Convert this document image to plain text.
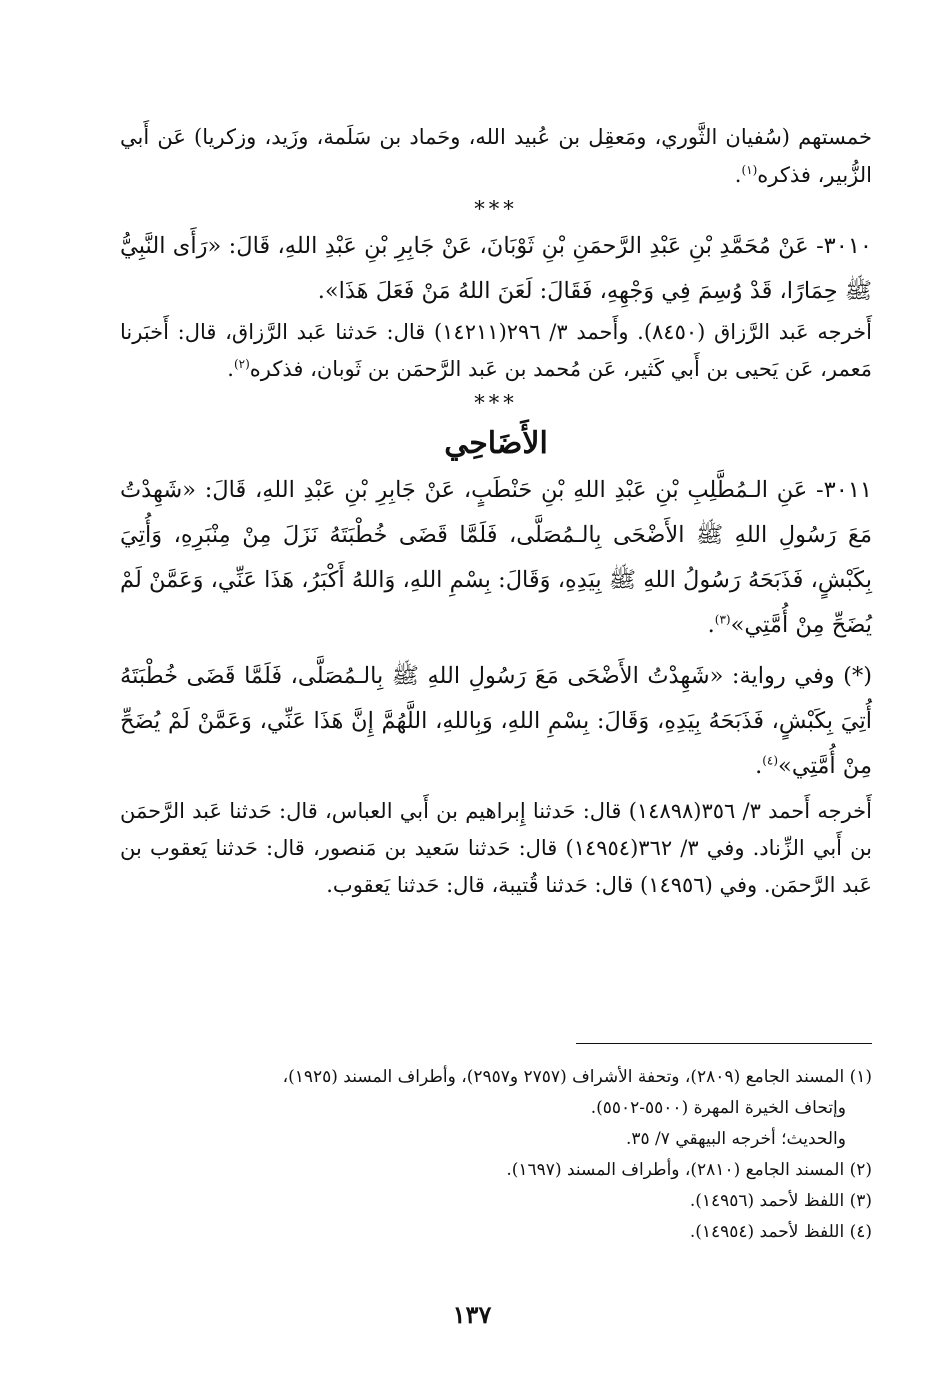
خمستهم (سُفيان الثَّوري، ومَعقِل بن عُبيد الله، وحَماد بن سَلَمة، وزَيد، وزكريا) عَن أَبي الزُّبير، فذكره$^{(١)}$.

***

٣٠١٠- عَنْ مُحَمَّدِ بْنِ عَبْدِ الرَّحمَنِ بْنِ ثَوْبَانَ، عَنْ جَابِرِ بْنِ عَبْدِ اللهِ، قَالَ: «رَأَى النَّبِيُّ ﷺ حِمَارًا، قَدْ وُسِمَ فِي وَجْهِهِ، فَقَالَ: لَعَنَ اللهُ مَنْ فَعَلَ هَذَا».

أَخرجه عَبد الرَّزاق (٨٤٥٠). وأَحمد ٣/ ٢٩٦(١٤٢١١) قال: حَدثنا عَبد الرَّزاق، قال: أَخبَرنا مَعمر، عَن يَحيى بن أَبي كَثير، عَن مُحمد بن عَبد الرَّحمَن بن ثَوبان، فذكره$^{(٢)}$.

***

الأَضَاحِي

٣٠١١- عَنِ الـمُطَّلِبِ بْنِ عَبْدِ اللهِ بْنِ حَنْطَبٍ، عَنْ جَابِرِ بْنِ عَبْدِ اللهِ، قَالَ: «شَهِدْتُ مَعَ رَسُولِ اللهِ ﷺ الأَضْحَى بِالـمُصَلَّى، فَلَمَّا قَضَى خُطْبَتَهُ نَزَلَ مِنْ مِنْبَرِهِ، وَأُتِيَ بِكَبْشٍ، فَذَبَحَهُ رَسُولُ اللهِ ﷺ بِيَدِهِ، وَقَالَ: بِسْمِ اللهِ، وَاللهُ أَكْبَرُ، هَذَا عَنِّي، وَعَمَّنْ لَمْ يُضَحِّ مِنْ أُمَّتِي»$^{(٣)}$.

(*) وفي رواية: «شَهِدْتُ الأَضْحَى مَعَ رَسُولِ اللهِ ﷺ بِالـمُصَلَّى، فَلَمَّا قَضَى خُطْبَتَهُ أُتِيَ بِكَبْشٍ، فَذَبَحَهُ بِيَدِهِ، وَقَالَ: بِسْمِ اللهِ، وَبِاللهِ، اللَّهُمَّ إِنَّ هَذَا عَنِّي، وَعَمَّنْ لَمْ يُضَحِّ مِنْ أُمَّتِي»$^{(٤)}$.

أَخرجه أَحمد ٣/ ٣٥٦(١٤٨٩٨) قال: حَدثنا إِبراهيم بن أَبي العباس، قال: حَدثنا عَبد الرَّحمَن بن أَبي الزِّناد. وفي ٣/ ٣٦٢(١٤٩٥٤) قال: حَدثنا سَعيد بن مَنصور، قال: حَدثنا يَعقوب بن عَبد الرَّحمَن. وفي (١٤٩٥٦) قال: حَدثنا قُتيبة، قال: حَدثنا يَعقوب.

(١) المسند الجامع (٢٨٠٩)، وتحفة الأشراف (٢٧٥٧ و٢٩٥٧)، وأطراف المسند (١٩٢٥)،

وإتحاف الخيرة المهرة (٥٥٠٠-٥٥٠٢).

والحديث؛ أخرجه البيهقي ٧/ ٣٥.

(٢) المسند الجامع (٢٨١٠)، وأطراف المسند (١٦٩٧).

(٣) اللفظ لأحمد (١٤٩٥٦).

(٤) اللفظ لأحمد (١٤٩٥٤).

١٣٧
